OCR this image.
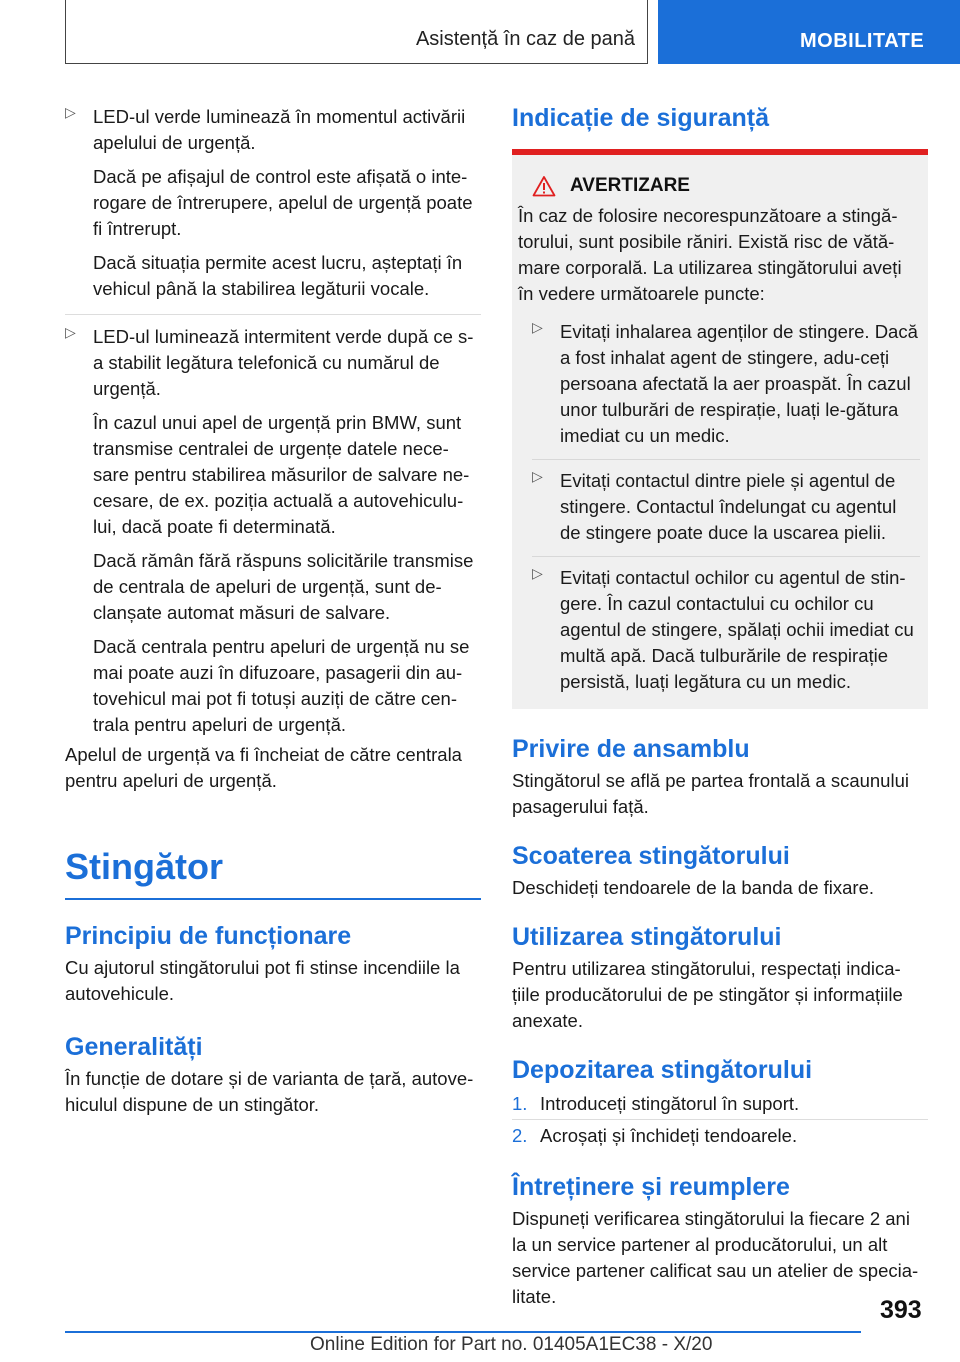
Asistență în caz de pană	MOBILITATE
▷ LED-ul verde luminează în momentul activării apelului de urgență.

Dacă pe afișajul de control este afișată o inte-rogare de întrerupere, apelul de urgență poate fi întrerupt.

Dacă situația permite acest lucru, așteptați în vehicul până la stabilirea legăturii vocale.

▷ LED-ul luminează intermitent verde după ce s-a stabilit legătura telefonică cu numărul de urgență.

În cazul unui apel de urgență prin BMW, sunt transmise centralei de urgențe datele nece-sare pentru stabilirea măsurilor de salvare ne-cesare, de ex. poziția actuală a autovehiculu-lui, dacă poate fi determinată.

Dacă rămân fără răspuns solicitările transmise de centrala de apeluri de urgență, sunt de-clanșate automat măsuri de salvare.

Dacă centrala pentru apeluri de urgență nu se mai poate auzi în difuzoare, pasagerii din au-tovehicul mai pot fi totuși auziți de către cen-trala pentru apeluri de urgență.

Apelul de urgență va fi încheiat de către centrala pentru apeluri de urgență.

Stingător
Principiu de funcționare

Cu ajutorul stingătorului pot fi stinse incendiile la autovehicule.

Generalități

În funcție de dotare și de varianta de țară, autove-hiculul dispune de un stingător.

Indicație de siguranță
AVERTIZARE

În caz de folosire necorespunzătoare a stingă-torului, sunt posibile răniri. Există risc de vătă-mare corporală. La utilizarea stingătorului aveți în vedere următoarele puncte:

▷ Evitați inhalarea agenților de stingere. Dacă a fost inhalat agent de stingere, adu-ceți persoana afectată la aer proaspăt. În cazul unor tulburări de respirație, luați le-gătura imediat cu un medic.

▷ Evitați contactul dintre piele și agentul de stingere. Contactul îndelungat cu agentul de stingere poate duce la uscarea pielii.

▷ Evitați contactul ochilor cu agentul de stin-gere. În cazul contactului cu ochilor cu agentul de stingere, spălați ochii imediat cu multă apă. Dacă tulburările de respirație persistă, luați legătura cu un medic.

Privire de ansamblu

Stingătorul se află pe partea frontală a scaunului pasagerului față.

Scoaterea stingătorului

Deschideți tendoarele de la banda de fixare.

Utilizarea stingătorului

Pentru utilizarea stingătorului, respectați indica-țiile producătorului de pe stingător și informațiile anexate.

Depozitarea stingătorului
1. Introduceți stingătorul în suport.

2. Acroșați și închideți tendoarele.

Întreținere și reumplere

Dispuneți verificarea stingătorului la fiecare 2 ani la un service partener al producătorului, un alt service partener calificat sau un atelier de specia-litate.	393
Online Edition for Part no. 01405A1EC38 - X/20
